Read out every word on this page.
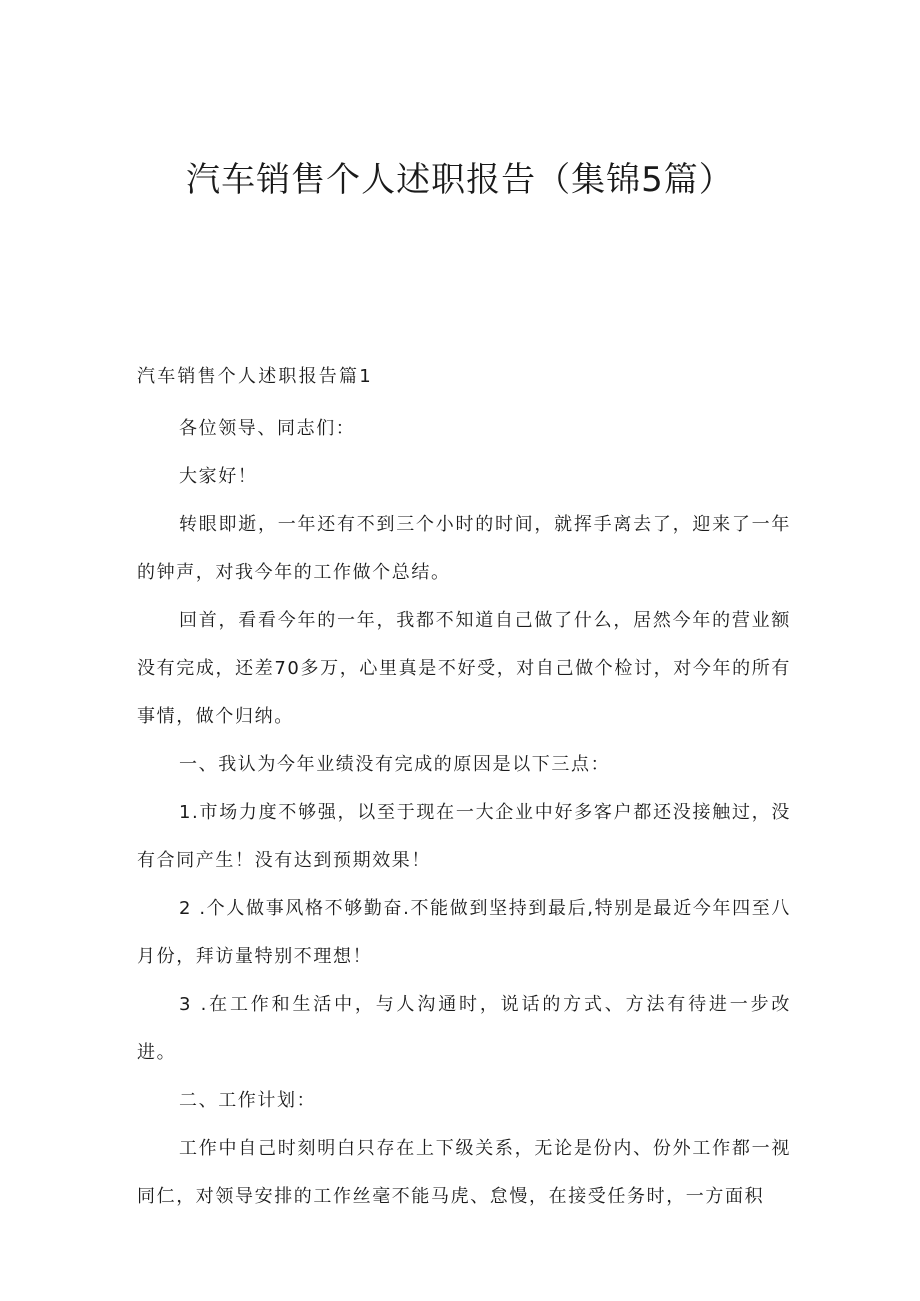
汽车销售个人述职报告（集锦5篇）
汽车销售个人述职报告篇1

各位领导、同志们：

大家好！

转眼即逝，一年还有不到三个小时的时间，就挥手离去了，迎来了一年的钟声，对我今年的工作做个总结。

回首，看看今年的一年，我都不知道自己做了什么，居然今年的营业额没有完成，还差70多万，心里真是不好受，对自己做个检讨，对今年的所有事情，做个归纳。

一、我认为今年业绩没有完成的原因是以下三点：

1.市场力度不够强，以至于现在一大企业中好多客户都还没接触过，没有合同产生！没有达到预期效果！

2 .个人做事风格不够勤奋.不能做到坚持到最后,特别是最近今年四至八月份，拜访量特别不理想！

3 .在工作和生活中，与人沟通时，说话的方式、方法有待进一步改进。

二、工作计划：

工作中自己时刻明白只存在上下级关系，无论是份内、份外工作都一视同仁，对领导安排的工作丝毫不能马虎、怠慢，在接受任务时，一方面积
